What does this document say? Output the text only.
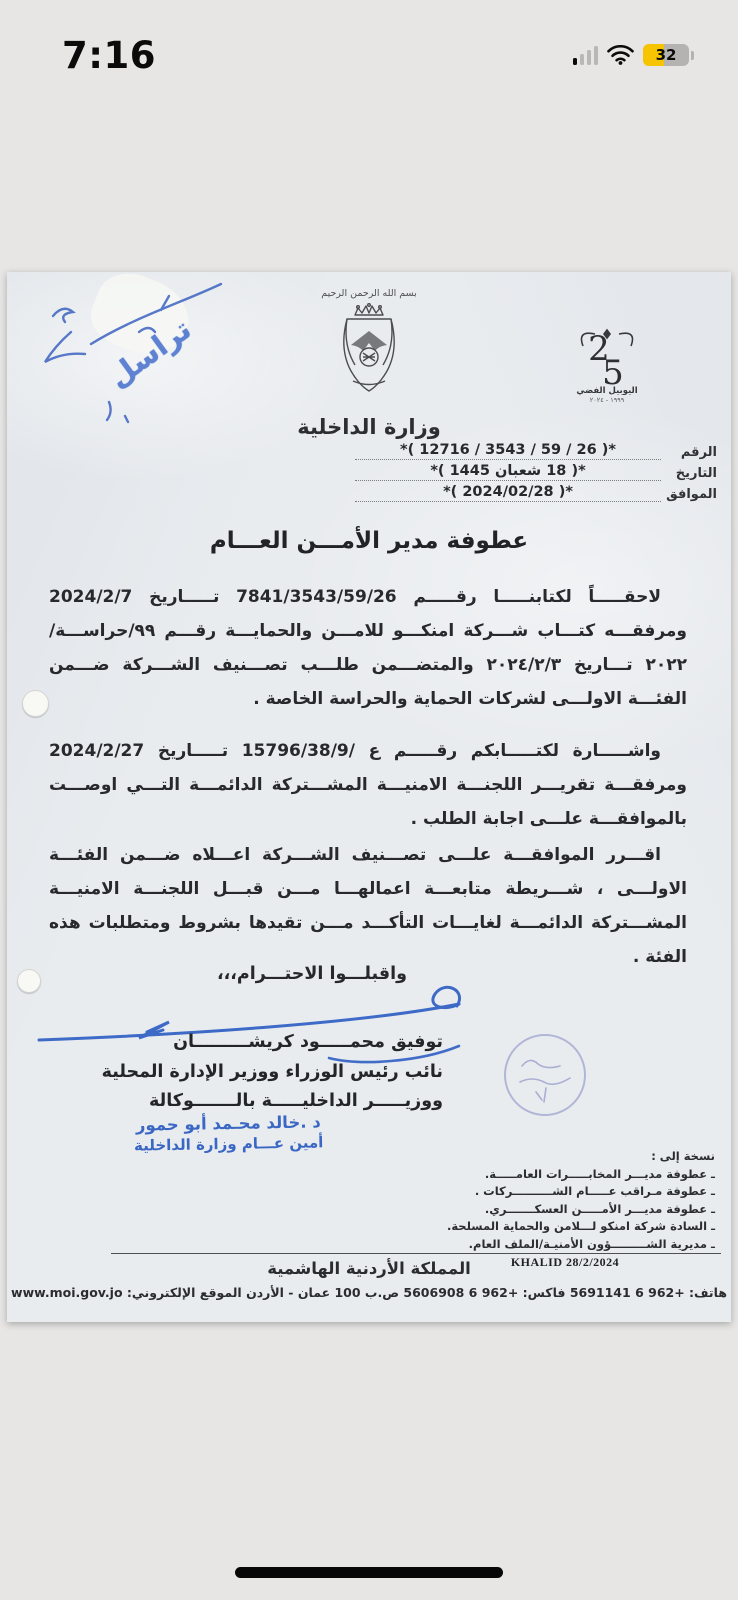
7:16	32
تراسل
بسم الله الرحمن الرحيم
وزارة الداخلية
2
5
اليوبيل الفضي
١٩٩٩ - ٢٠٢٤
الرقم
*( 26 / 59 / 3543 / 12716 )*
التاريخ
*( 18 شعبان 1445 )*
الموافق
*( 2024/02/28 )*
عطوفة مدير الأمـــن العـــام
لاحقـــــاً لكتابنـــــا رقـــــم 7841/3543/59/26 تـــــاريخ 2024/2/7 ومرفقـــه كتـــاب شـــركة امنكـــو للامـــن والحمايـــة رقـــم ٩٩/حراســـة/٢٠٢٢ تـــاريخ ٢٠٢٤/٢/٣ والمتضـــمن طلـــب تصـــنيف الشـــركة ضـــمن الفئـــة الاولـــى لشركات الحماية والحراسة الخاصة .
واشـــــارة لكتـــــابكم رقـــــم ع /15796/38/9 تـــــاريخ 2024/2/27 ومرفقـــة تقريـــر اللجنـــة الامنيـــة المشـــتركة الدائمـــة التـــي اوصـــت بالموافقـــة علـــى اجابة الطلب .
اقـــرر الموافقـــة علـــى تصـــنيف الشـــركة اعـــلاه ضـــمن الفئـــة الاولـــى ، شـــريطة متابعـــة اعمالهـــا مـــن قبـــل اللجنـــة الامنيـــة المشـــتركة الدائمـــة لغايـــات التأكـــد مـــن تقيدها بشروط ومتطلبات هذه الفئة .
واقبلـــوا الاحتـــرام،،،
توفيق محمـــــود كريشـــــــــان
نائب رئيس الوزراء ووزير الإدارة المحلية
ووزيـــــر الداخليـــــة بالـــــــوكالة
د .خالد محـمد أبو حمور
أمين عـــام وزارة الداخلية
نسخة إلى :
ـ عطوفة مديـــر المخابـــــرات العامـــــة.
ـ عطوفة مـراقب عـــــام الشــــــــــركات .
ـ عطوفة مديـــر الأمـــــن العسكـــــــري.
ـ السادة شركة امنكو لـــلامن والحماية المسلحة.
ـ مديرية الشـــــــــؤون الأمنيـة/الملف العام.
KHALID 28/2/2024
المملكة الأردنية الهاشمية
هاتف: +962 6 5691141 فاكس: +962 6 5606908 ص.ب 100 عمان - الأردن الموقع الإلكتروني: www.moi.gov.jo
